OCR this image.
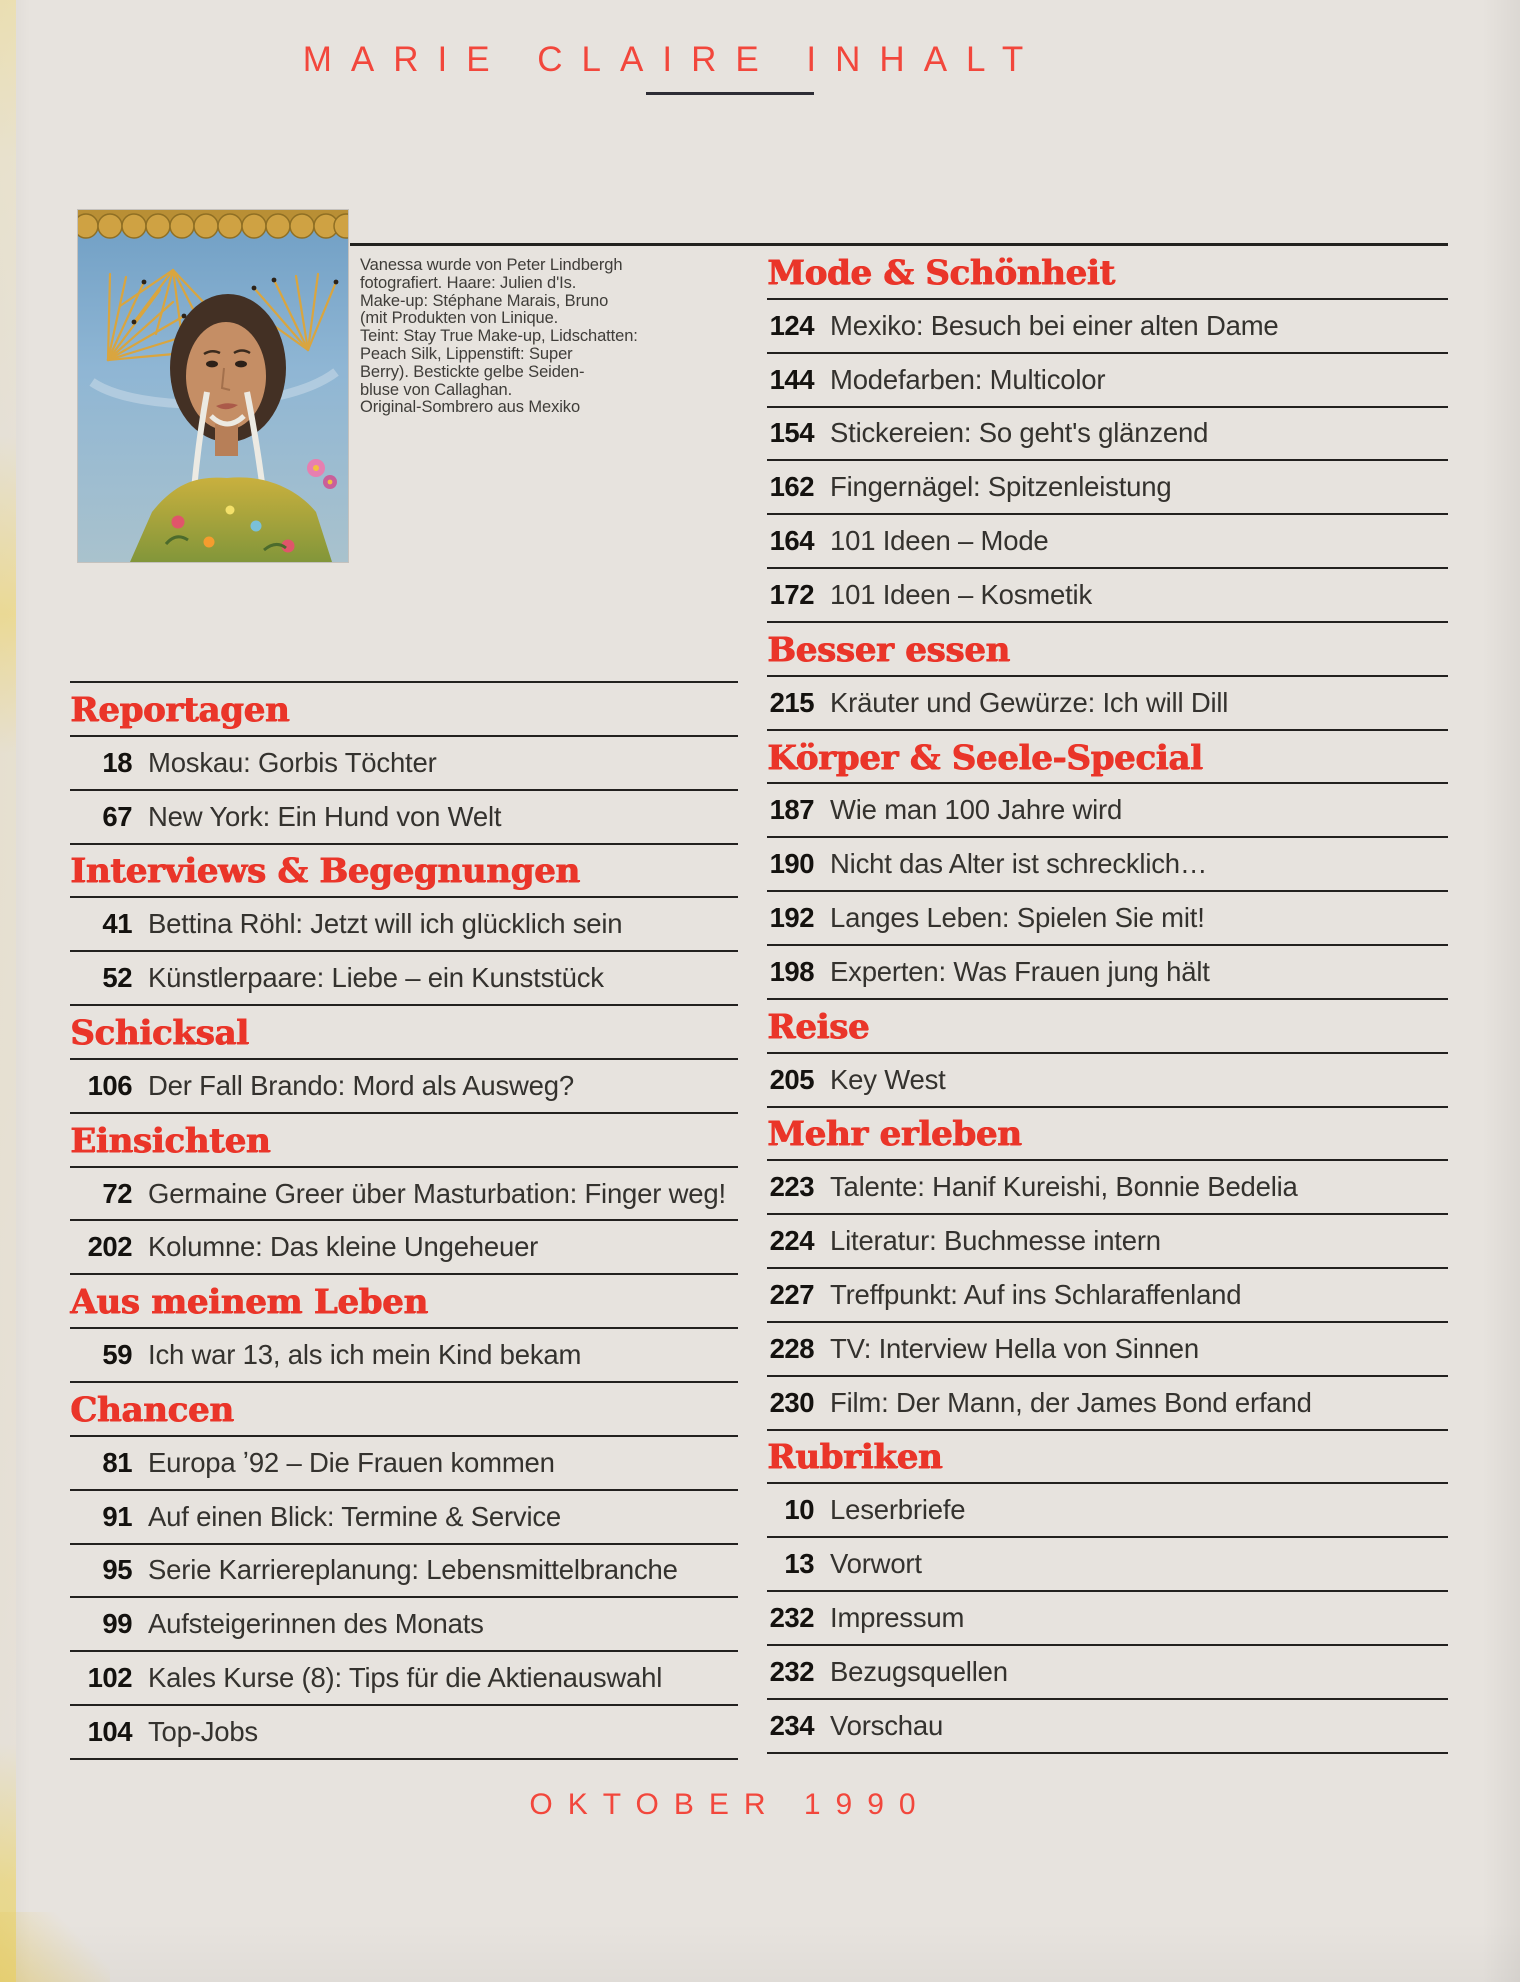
MARIE CLAIRE INHALT
Vanessa wurde von Peter Lindbergh
fotografiert. Haare: Julien d'Is.
Make-up: Stéphane Marais, Bruno
(mit Produkten von Linique.
Teint: Stay True Make-up, Lidschatten:
Peach Silk, Lippenstift: Super
Berry). Bestickte gelbe Seiden-
bluse von Callaghan.
Original-Sombrero aus Mexiko
Reportagen
18 Moskau: Gorbis Töchter
67 New York: Ein Hund von Welt
Interviews & Begegnungen
41 Bettina Röhl: Jetzt will ich glücklich sein
52 Künstlerpaare: Liebe – ein Kunststück
Schicksal
106 Der Fall Brando: Mord als Ausweg?
Einsichten
72 Germaine Greer über Masturbation: Finger weg!
202 Kolumne: Das kleine Ungeheuer
Aus meinem Leben
59 Ich war 13, als ich mein Kind bekam
Chancen
81 Europa ʼ92 – Die Frauen kommen
91 Auf einen Blick: Termine & Service
95 Serie Karriereplanung: Lebensmittelbranche
99 Aufsteigerinnen des Monats
102 Kales Kurse (8): Tips für die Aktienauswahl
104 Top-Jobs
Mode & Schönheit
124 Mexiko: Besuch bei einer alten Dame
144 Modefarben: Multicolor
154 Stickereien: So geht's glänzend
162 Fingernägel: Spitzenleistung
164 101 Ideen – Mode
172 101 Ideen – Kosmetik
Besser essen
215 Kräuter und Gewürze: Ich will Dill
Körper & Seele-Special
187 Wie man 100 Jahre wird
190 Nicht das Alter ist schrecklich…
192 Langes Leben: Spielen Sie mit!
198 Experten: Was Frauen jung hält
Reise
205 Key West
Mehr erleben
223 Talente: Hanif Kureishi, Bonnie Bedelia
224 Literatur: Buchmesse intern
227 Treffpunkt: Auf ins Schlaraffenland
228 TV: Interview Hella von Sinnen
230 Film: Der Mann, der James Bond erfand
Rubriken
10 Leserbriefe
13 Vorwort
232 Impressum
232 Bezugsquellen
234 Vorschau
OKTOBER 1990
